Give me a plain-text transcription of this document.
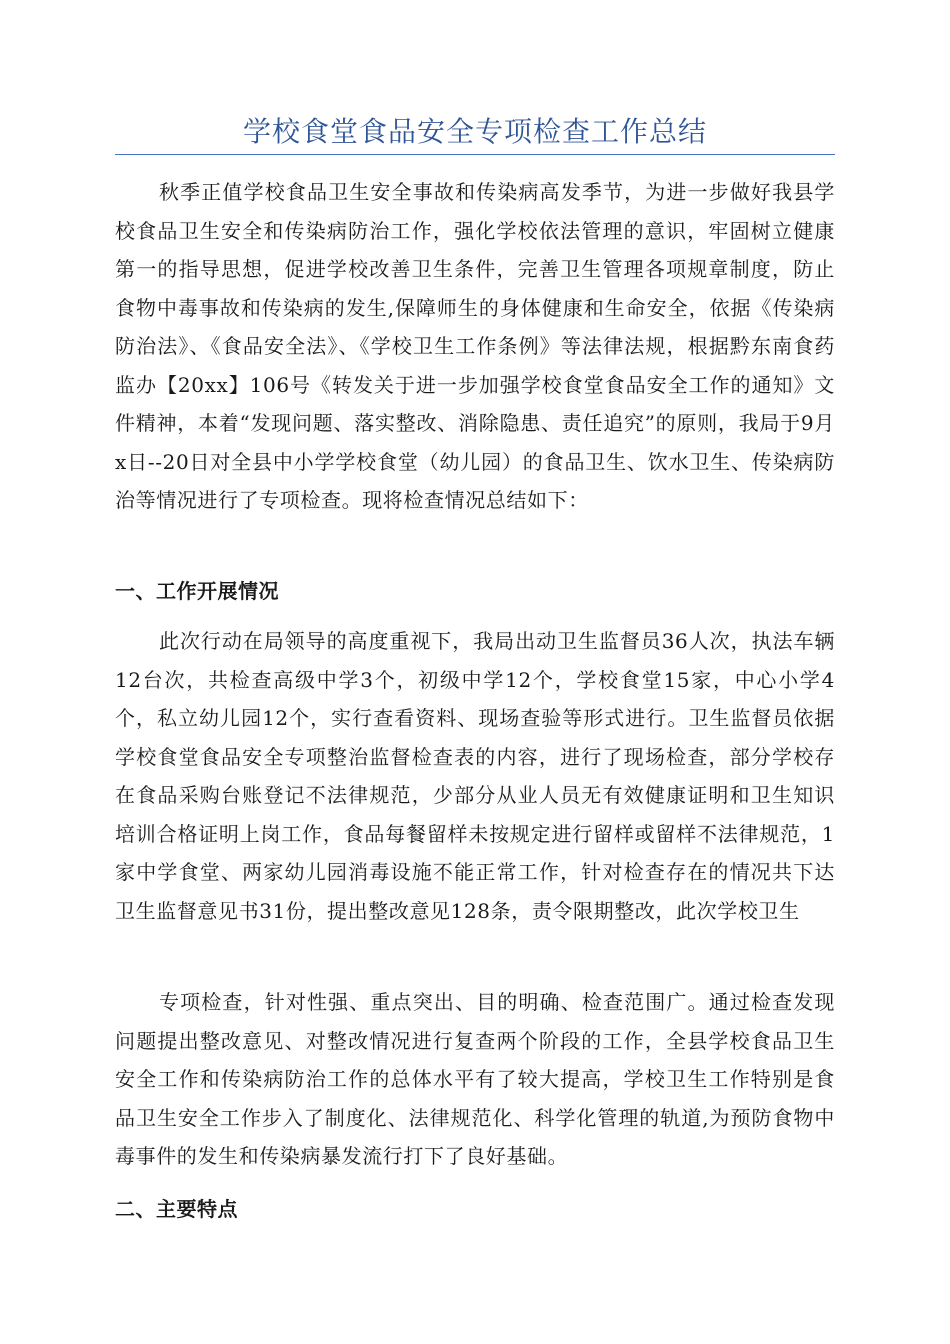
学校食堂食品安全专项检查工作总结

秋季正值学校食品卫生安全事故和传染病高发季节，为进一步做好我县学校食品卫生安全和传染病防治工作，强化学校依法管理的意识，牢固树立健康第一的指导思想，促进学校改善卫生条件，完善卫生管理各项规章制度，防止食物中毒事故和传染病的发生,保障师生的身体健康和生命安全，依据《传染病防治法》、《食品安全法》、《学校卫生工作条例》等法律法规，根据黔东南食药监办【20xx】106号《转发关于进一步加强学校食堂食品安全工作的通知》文件精神，本着“发现问题、落实整改、消除隐患、责任追究”的原则，我局于9月x日--20日对全县中小学学校食堂（幼儿园）的食品卫生、饮水卫生、传染病防治等情况进行了专项检查。现将检查情况总结如下：

一、工作开展情况

此次行动在局领导的高度重视下，我局出动卫生监督员36人次，执法车辆12台次，共检查高级中学3个，初级中学12个，学校食堂15家，中心小学4个，私立幼儿园12个，实行查看资料、现场查验等形式进行。卫生监督员依据学校食堂食品安全专项整治监督检查表的内容，进行了现场检查，部分学校存在食品采购台账登记不法律规范，少部分从业人员无有效健康证明和卫生知识培训合格证明上岗工作，食品每餐留样未按规定进行留样或留样不法律规范，1家中学食堂、两家幼儿园消毒设施不能正常工作，针对检查存在的情况共下达卫生监督意见书31份，提出整改意见128条，责令限期整改，此次学校卫生

专项检查，针对性强、重点突出、目的明确、检查范围广。通过检查发现问题提出整改意见、对整改情况进行复查两个阶段的工作，全县学校食品卫生安全工作和传染病防治工作的总体水平有了较大提高，学校卫生工作特别是食品卫生安全工作步入了制度化、法律规范化、科学化管理的轨道,为预防食物中毒事件的发生和传染病暴发流行打下了良好基础。

二、主要特点
